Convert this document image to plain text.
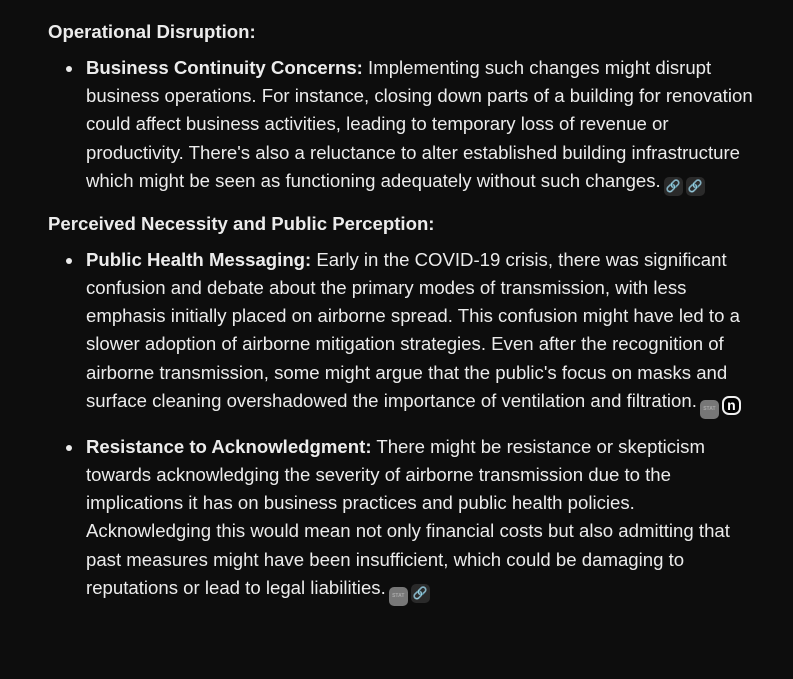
Operational Disruption:
Business Continuity Concerns: Implementing such changes might disrupt business operations. For instance, closing down parts of a building for renovation could affect business activities, leading to temporary loss of revenue or productivity. There's also a reluctance to alter established building infrastructure which might be seen as functioning adequately without such changes. 🔗 🔗
Perceived Necessity and Public Perception:
Public Health Messaging: Early in the COVID-19 crisis, there was significant confusion and debate about the primary modes of transmission, with less emphasis initially placed on airborne spread. This confusion might have led to a slower adoption of airborne mitigation strategies. Even after the recognition of airborne transmission, some might argue that the public's focus on masks and surface cleaning overshadowed the importance of ventilation and filtration. STAT n
Resistance to Acknowledgment: There might be resistance or skepticism towards acknowledging the severity of airborne transmission due to the implications it has on business practices and public health policies. Acknowledging this would mean not only financial costs but also admitting that past measures might have been insufficient, which could be damaging to reputations or lead to legal liabilities. STAT 🔗
